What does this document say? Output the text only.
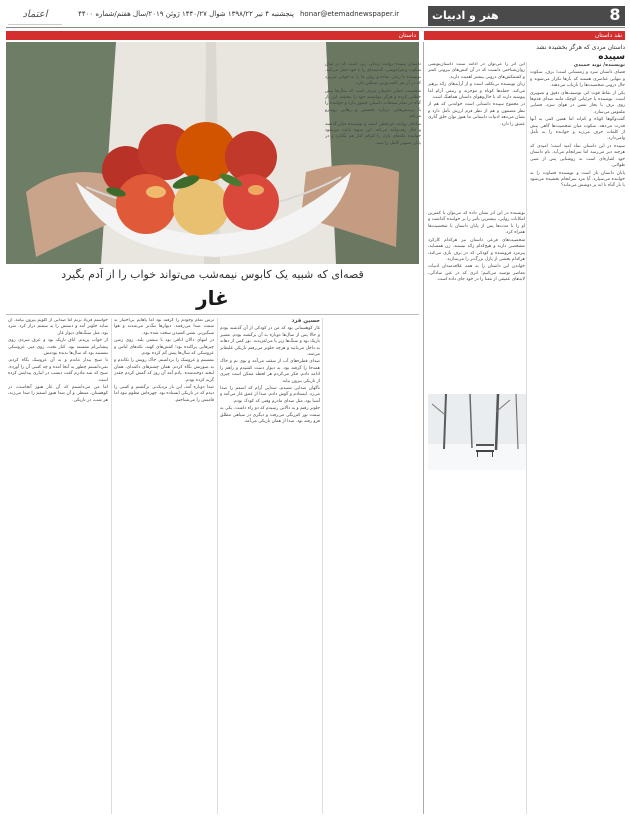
8
هنر و ادبیات
honar@etemadnewspaper.ir
پنجشنبه ۴ تیر ۱۳۹۸/۲۲ شوال ۱۴۴۰/۲۷ ژوئن ۲۰۱۹/سال هفتم/شماره ۴۴۰۰
اعتماد
داستان	نقد داستان
قصه‌ای که شبیه یک کابوس نیمه‌شب می‌تواند خواب را از آدم بگیرد
غار
داستان مردی که هرگز بخشیده نشد
سپیده
حسین فرد

غار کوهستانی بود که من در کودکی از آن گذشته بودم و حالا پس از سال‌ها دوباره به آن برگشته بودم. مسیر باریک بود و سنگ‌ها زیر پا می‌لغزیدند. نور کمی از دهانه به داخل می‌تابید و هرچه جلوتر می‌رفتم تاریکی غلیظ‌تر می‌شد.

صدای قطره‌های آب از سقف می‌آمد و بوی نم و خاک همه‌جا را گرفته بود. به دیوار دست کشیدم و راهم را ادامه دادم. فکر می‌کردم هر لحظه ممکن است چیزی از تاریکی بیرون بیاید.

ناگهان صدایی شنیدم، صدایی آرام که اسمم را صدا می‌زد. ایستادم و گوش دادم. صدا از عمق غار می‌آمد و آشنا بود، مثل صدای مادرم وقتی که کودک بودم.

جلوتر رفتم و به دالانی رسیدم که دو راه داشت. یکی به سمت نور کم‌رنگی می‌رفت و دیگری در سیاهی مطلق فرو رفته بود. صدا از همان تاریکی می‌آمد.

ترس تمام وجودم را گرفته بود اما پاهایم بی‌اختیار به سمت صدا می‌رفتند. دیوارها تنگ‌تر می‌شدند و هوا سنگین‌تر. نفس کشیدن سخت شده بود.

در انتهای دالان اتاقی بود با سقفی بلند. روی زمین چیزهایی پراکنده بود؛ کفش‌های کهنه، تکه‌های لباس و عروسکی که سال‌ها پیش گم کرده بودم.

نشستم و عروسک را برداشتم. خاک رویش را تکاندم و به صورتش نگاه کردم. همان چشم‌های دکمه‌ای، همان لبخند دوخته‌شده. یادم آمد آن روز که گمش کردم چقدر گریه کرده بودم.

صدا دوباره آمد، این بار نزدیک‌تر. برگشتم و کسی را دیدم که در تاریکی ایستاده بود. چهره‌اش معلوم نبود اما قامتش را می‌شناختم.

خواستم فریاد بزنم اما صدایی از گلویم بیرون نیامد. آن سایه جلوتر آمد و دستش را به سمتم دراز کرد. سرد بود، مثل سنگ‌های دیوار غار.

از خواب پریدم. اتاق تاریک بود و عرق سردی روی پیشانی‌ام نشسته بود. کنار تخت، روی میز، عروسکی نشسته بود که سال‌ها ندیده بودمش.

تا صبح بیدار ماندم و به آن عروسک نگاه کردم. نمی‌دانستم چطور به آنجا آمده و چه کسی آن را آورده. صبح که شد مادرم گفت دیشب در انباری پیدایش کرده است.

اما من می‌دانستم که آن غار هنوز آنجاست، در کوهستان، منتظر. و آن صدا هنوز اسمم را صدا می‌زند، هر شب، در تاریکی.

داستان سپیده روایت زندگی زنی است که در میان سکوت و فراموشی، گذشته‌ای را با خود حمل می‌کند. نویسنده با زبانی ساده و روان ما را به جهانی می‌برد که در آن هر کلمه وزنی سنگین دارد.

شخصیت اصلی داستان مردی است که سال‌ها پیش خطایی کرده و هرگز نتوانسته خود را ببخشد. این بار گناه در تمام صفحات داستان حضور دارد و خواننده را با پرسش‌هایی درباره بخشش و رهایی روبه‌رو می‌کند.

ساختار روایت غیرخطی است و نویسنده میان گذشته و حال رفت‌وآمد می‌کند. این شیوه باعث می‌شود خواننده تکه‌های پازل را کم‌کم کنار هم بگذارد و در پایان تصویر کامل را ببیند.

نویسنده/ نوید حمیدی

فضای داستان سرد و زمستانی است؛ برف، سکوت و تنهایی عناصری هستند که بارها تکرار می‌شوند و حال درونی شخصیت‌ها را بازتاب می‌دهند.

یکی از نقاط قوت اثر، توصیف‌های دقیق و تصویری است. نویسنده با جزئیاتی کوچک مانند صدای قدم‌ها روی برف یا بخار نفس در هوای سرد، فضایی ملموس می‌سازد.

گفت‌وگوها کوتاه و کم‌اند اما همین کمی به آنها قدرت می‌دهد. سکوت میان شخصیت‌ها گاهی بیش از کلمات حرف می‌زند و خواننده را به تأمل وامی‌دارد.

سپیده در این داستان نماد امید است؛ امیدی که هرچند دیر می‌رسد اما سرانجام می‌آید. نام داستان خود اشاره‌ای است به روشنایی پس از شبی طولانی.

پایان داستان باز است و نویسنده قضاوت را به خواننده می‌سپارد. آیا مرد سرانجام بخشیده می‌شود یا بار گناه تا ابد بر دوشش می‌ماند؟

این اثر را می‌توان در ادامه سنت داستان‌نویسی روان‌شناختی دانست که در آن کنش‌های بیرونی کمتر و کشمکش‌های درونی بیشتر اهمیت دارند.

زبان نویسنده بی‌تکلف است و از آرایه‌های زائد پرهیز می‌کند. جمله‌ها کوتاه و موجزند و ریتمی آرام اما پیوسته دارند که با حال‌وهوای داستان هماهنگ است.

در مجموع سپیده داستانی است خواندنی که هم از نظر مضمون و هم از نظر فرم ارزش تأمل دارد و نشان می‌دهد ادبیات داستانی ما هنوز توان خلق آثاری عمیق را دارد.

نویسنده در این اثر نشان داده که می‌توان با کمترین امکانات روایی، بیشترین تأثیر را بر خواننده گذاشت و او را تا مدت‌ها پس از پایان داستان با شخصیت‌ها همراه کرد.

شخصیت‌های فرعی داستان نیز هرکدام کارکرد مشخصی دارند و هیچ‌کدام زائد نیستند. زن همسایه، پیرمرد فروشنده و کودکی که در برف بازی می‌کند، هرکدام بخشی از پازل بزرگ‌تر را می‌سازند.

خواندن این داستان را به همه علاقه‌مندان ادبیات معاصر توصیه می‌کنیم؛ اثری که در عین سادگی، لایه‌های عمیقی از معنا را در خود جای داده است.
